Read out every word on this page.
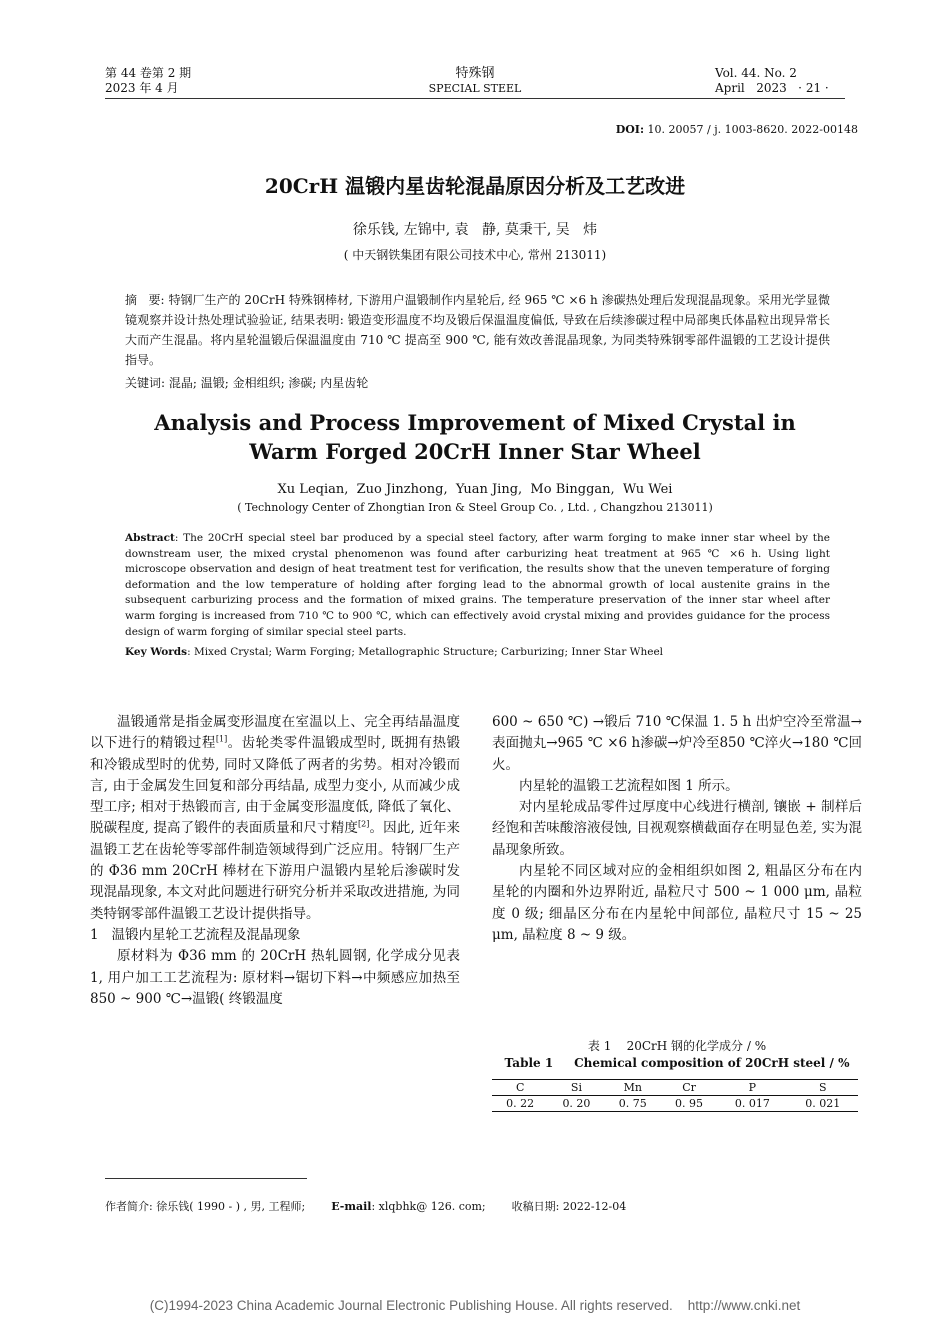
第 44 卷第 2 期
2023 年 4 月
特殊钢
SPECIAL STEEL
Vol. 44. No. 2
April   2023   · 21 ·
DOI: 10. 20057 / j. 1003-8620. 2022-00148
20CrH 温锻内星齿轮混晶原因分析及工艺改进
徐乐钱, 左锦中, 袁   静, 莫秉干, 吴   炜
( 中天钢铁集团有限公司技术中心, 常州 213011)
摘   要: 特钢厂生产的 20CrH 特殊钢棒材, 下游用户温锻制作内星轮后, 经 965 ℃ ×6 h 渗碳热处理后发现混晶现象。采用光学显微镜观察并设计热处理试验验证, 结果表明: 锻造变形温度不均及锻后保温温度偏低, 导致在后续渗碳过程中局部奥氏体晶粒出现异常长大而产生混晶。将内星轮温锻后保温温度由 710 ℃ 提高至 900 ℃, 能有效改善混晶现象, 为同类特殊钢零部件温锻的工艺设计提供指导。
关键词: 混晶; 温锻; 金相组织; 渗碳; 内星齿轮
Analysis and Process Improvement of Mixed Crystal in
Warm Forged 20CrH Inner Star Wheel
Xu Leqian,  Zuo Jinzhong,  Yuan Jing,  Mo Binggan,  Wu Wei
( Technology Center of Zhongtian Iron & Steel Group Co. , Ltd. , Changzhou 213011)
Abstract: The 20CrH special steel bar produced by a special steel factory, after warm forging to make inner star wheel by the downstream user, the mixed crystal phenomenon was found after carburizing heat treatment at 965 ℃ ×6 h. Using light microscope observation and design of heat treatment test for verification, the results show that the uneven temperature of forging deformation and the low temperature of holding after forging lead to the abnormal growth of local austenite grains in the subsequent carburizing process and the formation of mixed grains. The temperature preservation of the inner star wheel after warm forging is increased from 710 ℃ to 900 ℃, which can effectively avoid crystal mixing and provides guidance for the process design of warm forging of similar special steel parts.
Key Words: Mixed Crystal; Warm Forging; Metallographic Structure; Carburizing; Inner Star Wheel

温锻通常是指金属变形温度在室温以上、完全再结晶温度以下进行的精锻过程[1]。齿轮类零件温锻成型时, 既拥有热锻和冷锻成型时的优势, 同时又降低了两者的劣势。相对冷锻而言, 由于金属发生回复和部分再结晶, 成型力变小, 从而减少成型工序; 相对于热锻而言, 由于金属变形温度低, 降低了氧化、脱碳程度, 提高了锻件的表面质量和尺寸精度[2]。因此, 近年来温锻工艺在齿轮等零部件制造领域得到广泛应用。特钢厂生产的 Φ36 mm 20CrH 棒材在下游用户温锻内星轮后渗碳时发现混晶现象, 本文对此问题进行研究分析并采取改进措施, 为同类特钢零部件温锻工艺设计提供指导。

1   温锻内星轮工艺流程及混晶现象

原材料为 Φ36 mm 的 20CrH 热轧圆钢, 化学成分见表 1, 用户加工工艺流程为: 原材料→锯切下料→中频感应加热至 850 ~ 900 ℃→温锻( 终锻温度

600 ~ 650 ℃) →锻后 710 ℃保温 1. 5 h 出炉空冷至常温→表面抛丸→965 ℃ ×6 h渗碳→炉冷至850 ℃淬火→180 ℃回火。

内星轮的温锻工艺流程如图 1 所示。

对内星轮成品零件过厚度中心线进行横剖, 镶嵌 + 制样后经饱和苦味酸溶液侵蚀, 目视观察横截面存在明显色差, 实为混晶现象所致。

内星轮不同区域对应的金相组织如图 2, 粗晶区分布在内星轮的内圈和外边界附近, 晶粒尺寸 500 ~ 1 000 μm, 晶粒度 0 级; 细晶区分布在内星轮中间部位, 晶粒尺寸 15 ~ 25 μm, 晶粒度 8 ~ 9 级。

表 1    20CrH 钢的化学成分 / %
Table 1     Chemical composition of 20CrH steel / %
C	Si	Mn	Cr	P	S
0. 22	0. 20	0. 75	0. 95	0. 017	0. 021
作者简介: 徐乐钱( 1990 - ) , 男, 工程师; E-mail: xlqbhk@ 126. com; 收稿日期: 2022-12-04
(C)1994-2023 China Academic Journal Electronic Publishing House. All rights reserved.    http://www.cnki.net
